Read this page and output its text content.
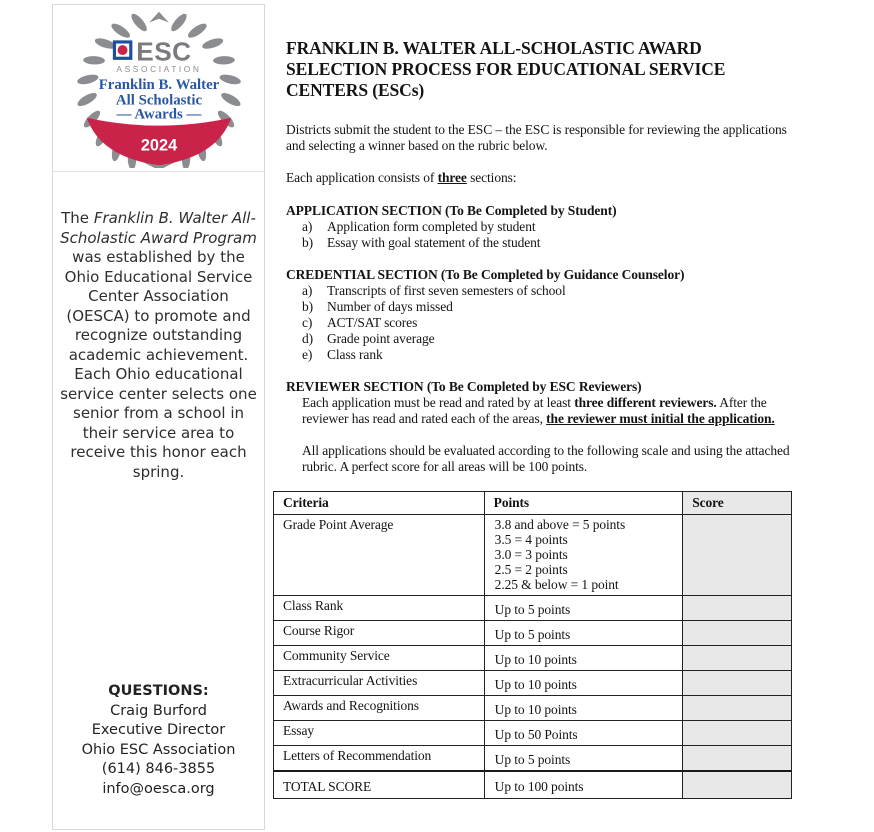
ESC
ASSOCIATION
Franklin B. Walter
All Scholastic
— Awards —
2024
The Franklin B. Walter All-Scholastic Award Program was established by the Ohio Educational Service Center Association (OESCA) to promote and recognize outstanding academic achievement. Each Ohio educational service center selects one senior from a school in their service area to receive this honor each spring.
QUESTIONS:
Craig Burford
Executive Director
Ohio ESC Association
(614) 846-3855
info@oesca.org
FRANKLIN B. WALTER ALL-SCHOLASTIC AWARD SELECTION PROCESS FOR EDUCATIONAL SERVICE CENTERS (ESCs)

Districts submit the student to the ESC – the ESC is responsible for reviewing the applications and selecting a winner based on the rubric below.

Each application consists of three sections:

APPLICATION SECTION (To Be Completed by Student)
a)	Application form completed by student
b)	Essay with goal statement of the student
CREDENTIAL SECTION (To Be Completed by Guidance Counselor)
a)	Transcripts of first seven semesters of school
b)	Number of days missed
c)	ACT/SAT scores
d)	Grade point average
e)	Class rank
REVIEWER SECTION (To Be Completed by ESC Reviewers)
Each application must be read and rated by at least three different reviewers. After the reviewer has read and rated each of the areas, the reviewer must initial the application.
All applications should be evaluated according to the following scale and using the attached rubric. A perfect score for all areas will be 100 points.
Criteria	Points	Score
Grade Point Average	3.8 and above = 5 points
3.5 = 4 points
3.0 = 3 points
2.5 = 2 points
2.25 & below = 1 point	

Class Rank	Up to 5 points	
Course Rigor	Up to 5 points	
Community Service	Up to 10 points	
Extracurricular Activities	Up to 10 points	
Awards and Recognitions	Up to 10 points	
Essay	Up to 50 Points	
Letters of Recommendation	Up to 5 points	
TOTAL SCORE	Up to 100 points	
